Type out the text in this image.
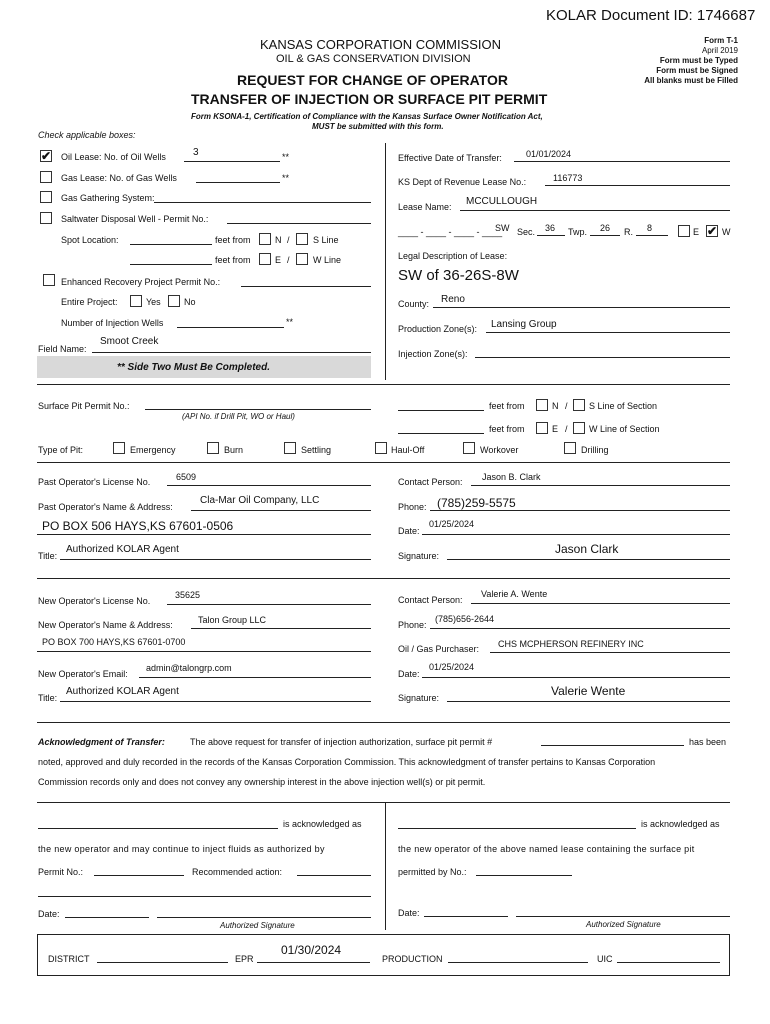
KOLAR Document ID: 1746687
KANSAS CORPORATION COMMISSION
OIL & GAS CONSERVATION DIVISION
REQUEST FOR CHANGE OF OPERATOR
TRANSFER OF INJECTION OR SURFACE PIT PERMIT
Form KSONA-1, Certification of Compliance with the Kansas Surface Owner Notification Act,
MUST be submitted with this form.
Form T-1
April 2019
Form must be Typed
Form must be Signed
All blanks must be Filled
Check applicable boxes:
✔ Oil Lease: No. of Oil Wells	3	**
Gas Lease: No. of Gas Wells	**
Gas Gathering System:
Saltwater Disposal Well - Permit No.:
Spot Location:	feet from	N /	S Line
feet from	E /	W Line
Enhanced Recovery Project Permit No.:
Entire Project:	Yes	No
Number of Injection Wells	**
Field Name:
Smoot Creek
** Side Two Must Be Completed.
Effective Date of Transfer:	01/01/2024
KS Dept of Revenue Lease No.:	116773
Lease Name: MCCULLOUGH
____ - ____ - ____ - ____
SW Sec. 36 Twp. 26 R. 8	E ✔ W
Legal Description of Lease:
SW of 36-26S-8W
County: Reno
Production Zone(s): Lansing Group
Injection Zone(s):
Surface Pit Permit No.:
(API No. if Drill Pit, WO or Haul)
feet from	N / S Line of Section
feet from	E / W Line of Section
Type of Pit:	Emergency	Burn	Settling	Haul-Off	Workover	Drilling
Past Operator's License No.	6509
Past Operator's Name & Address:
Cla-Mar Oil Company, LLC
PO BOX 506 HAYS,KS 67601-0506
Title:
Authorized KOLAR Agent
Contact Person: Jason B. Clark
Phone: (785)259-5575
Date:
01/25/2024
Signature:	Jason Clark
New Operator's License No.
35625
New Operator's Name & Address:	Talon Group LLC
PO BOX 700 HAYS,KS 67601-0700
New Operator's Email:
admin@talongrp.com
Title:
Authorized KOLAR Agent
Contact Person:
Valerie A. Wente
Phone:
(785)656-2644
Oil / Gas Purchaser: CHS MCPHERSON REFINERY INC
Date:
01/25/2024
Signature:	Valerie Wente
Acknowledgment of Transfer:	The above request for transfer of injection authorization, surface pit permit #	has been
noted, approved and duly recorded in the records of the Kansas Corporation Commission. This acknowledgment of transfer pertains to Kansas Corporation
Commission records only and does not convey any ownership interest in the above injection well(s) or pit permit.
is acknowledged as
the new operator and may continue to inject fluids as authorized by
Permit No.:	Recommended action:
Date:
Authorized Signature
is acknowledged as
the new operator of the above named lease containing the surface pit
permitted by No.:
Date:
Authorized Signature
DISTRICT	EPR
01/30/2024
PRODUCTION	UIC
